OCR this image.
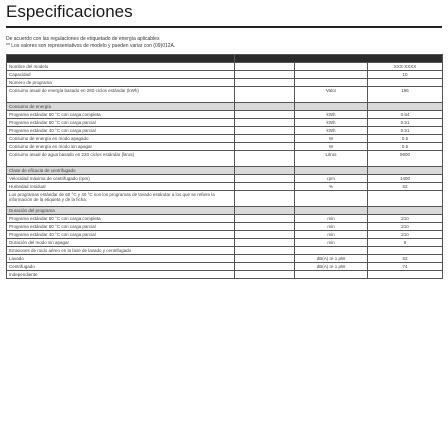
Especificaciones
De acuerdo con las regulaciones de etiquetado de energía aplicables
** Los valores son representativos de modelo y pueden variar con (09)012A.
Nombre del modelo	XXX-XXXX
Capacidad	10
Número de programa
Consumo anual de energía basado en 280 ciclos estándar (kWh)	Valor	196
Consumo de energía
Programa estándar 60 °C con carga completa	kWh	0.84
Programa estándar 60 °C con carga parcial	kWh	0.51
Programa estándar 40 °C con carga parcial	kWh	0.51
Consumo de energía en modo apagado	W	0.5
Consumo de energía en modo sin apagar	W	0.5
Consumo anual de agua basado en 220 ciclos estándar (litros)	Litros	9900
Clase de eficacia de centrifugado
Velocidad máxima de centrifugado (rpm)	rpm	1400
Humedad residual	%	53
Los programas estándar de 60 °C y 40 °C son los programas de lavado estándar a los que se refiere la información de la etiqueta y de la ficha.
Duración del programa
Programa estándar 60 °C con carga completa	min	210
Programa estándar 60 °C con carga parcial	min	210
Programa estándar 40 °C con carga parcial	min	210
Duración del modo sin apagar	min	5
Emisiones de ruido aéreo en la fase de lavado y centrifugado
Lavado	dB(A) re 1 pW	53
Centrifugado	dB(A) re 1 pW	74
Independiente
